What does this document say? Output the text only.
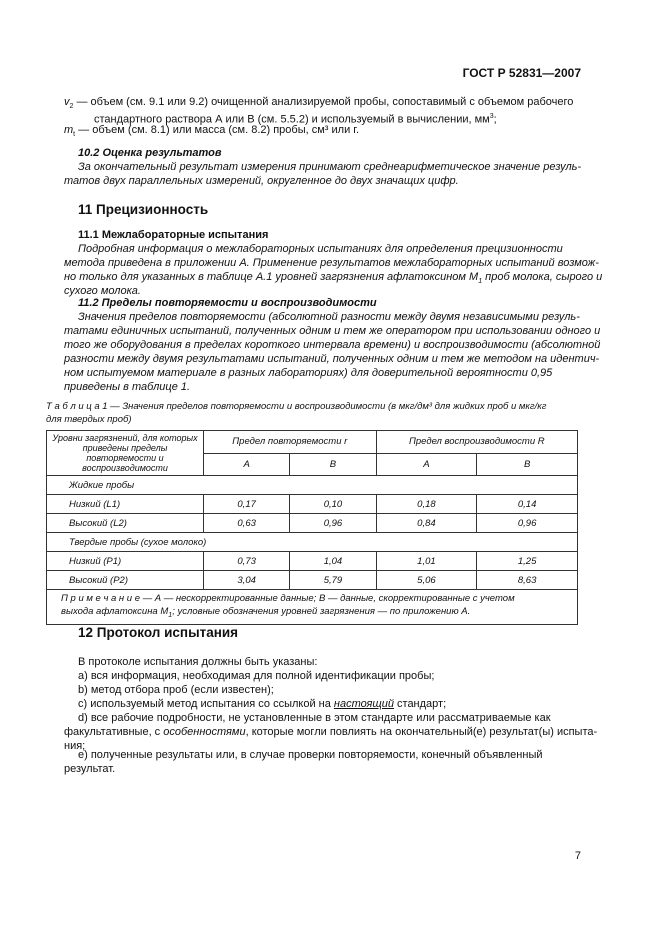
ГОСТ Р 52831—2007
$v_2$ — объем (см. 9.1 или 9.2) очищенной анализируемой пробы, сопоставимый с объемом рабочего
стандартного раствора А или В (см. 5.5.2) и используемый в вычислении, $мм^3$;
$m_t$ — объем (см. 8.1) или масса (см. 8.2) пробы, см³ или г.
10.2 Оценка результатов
За окончательный результат измерения принимают среднеарифметическое значение резуль-
татов двух параллельных измерений, округленное до двух значащих цифр.
11 Прецизионность
11.1 Межлабораторные испытания
Подробная информация о межлабораторных испытаниях для определения прецизионности
метода приведена в приложении А. Применение результатов межлабораторных испытаний возмож-
но только для указанных в таблице А.1 уровней загрязнения афлатоксином $M_1$ проб молока, сырого и
сухого молока.
11.2 Пределы повторяемости и воспроизводимости
Значения пределов повторяемости (абсолютной разности между двумя независимыми резуль-
татами единичных испытаний, полученных одним и тем же оператором при использовании одного и
того же оборудования в пределах короткого интервала времени) и воспроизводимости (абсолютной
разности между двумя результатами испытаний, полученных одним и тем же методом на идентич-
ном испытуемом материале в разных лабораториях) для доверительной вероятности 0,95
приведены в таблице 1.
Т а б л и ц а 1 — Значения пределов повторяемости и воспроизводимости (в мкг/дм³ для жидких проб и мкг/кг
для твердых проб)
Уровни загрязнений, для которых приведены пределы повторяемости и воспроизводимости	Предел повторяемости r		Предел воспроизводимости R	
	А	В	А	В
Жидкие пробы				
Низкий (L1)	0,17	0,10	0,18	0,14
Высокий (L2)	0,63	0,96	0,84	0,96
Твердые пробы (сухое молоко)				
Низкий (P1)	0,73	1,04	1,01	1,25
Высокий (P2)	3,04	5,79	5,06	8,63

П р и м е ч а н и е — А — нескорректированные данные; В — данные, скорректированные с учетом
выхода афлатоксина $M_1$; условные обозначения уровней загрязнения — по приложению А.				
12 Протокол испытания
В протоколе испытания должны быть указаны:
a) вся информация, необходимая для полной идентификации пробы;
b) метод отбора проб (если известен);
c) используемый метод испытания со ссылкой на настоящий стандарт;
d) все рабочие подробности, не установленные в этом стандарте или рассматриваемые как
факультативные, с особенностями, которые могли повлиять на окончательный(е) результат(ы) испыта-
ния;
e) полученные результаты или, в случае проверки повторяемости, конечный объявленный
результат.
7
